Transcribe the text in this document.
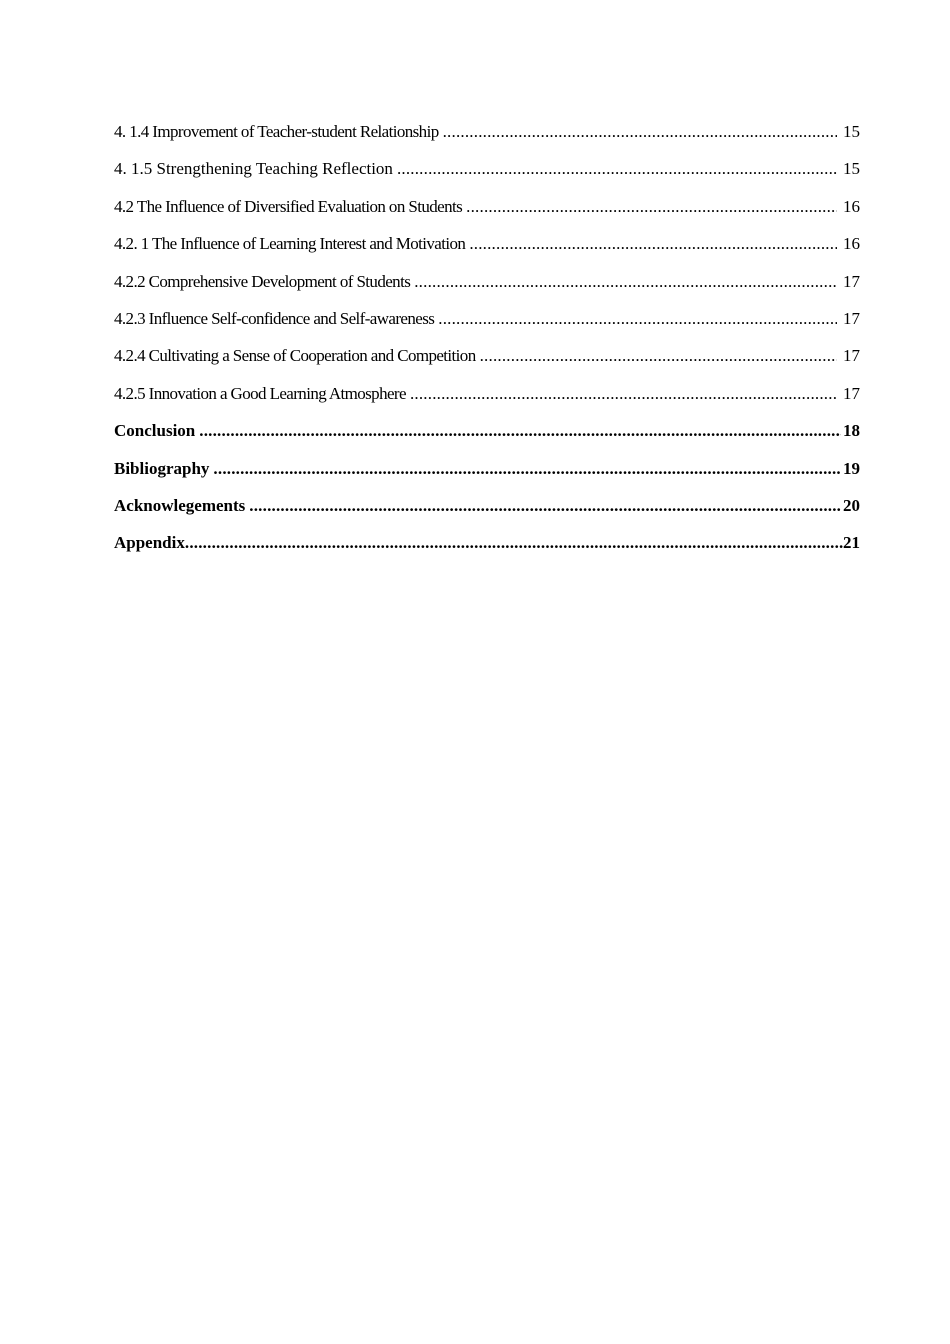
4. 1.4 Improvement of Teacher-student Relationship .....	15
4. 1.5 Strengthening Teaching Reflection .....	15
4.2 The Influence of Diversified Evaluation on Students .....	16
4.2. 1 The Influence of Learning Interest and Motivation .....	16
4.2.2 Comprehensive Development of Students .....	17
4.2.3 Influence Self-confidence and Self-awareness .....	17
4.2.4 Cultivating a Sense of Cooperation and Competition .....	17
4.2.5 Innovation a Good Learning Atmosphere .....	17
Conclusion .....	18
Bibliography .....	19
Acknowlegements .....	20
Appendix .....	21
